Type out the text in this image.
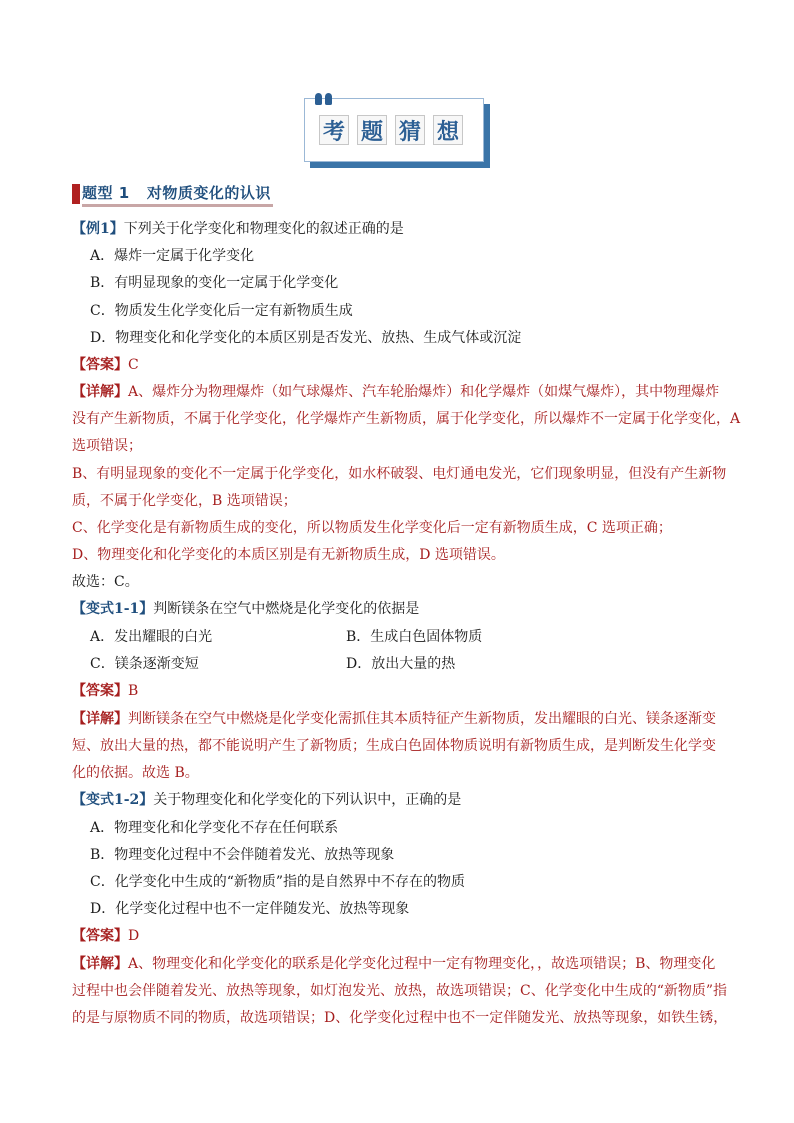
考 题 猜 想
题型 1 对物质变化的认识
【例1】下列关于化学变化和物理变化的叙述正确的是
A．爆炸一定属于化学变化
B．有明显现象的变化一定属于化学变化
C．物质发生化学变化后一定有新物质生成
D．物理变化和化学变化的本质区别是否发光、放热、生成气体或沉淀
【答案】C
【详解】A、爆炸分为物理爆炸（如气球爆炸、汽车轮胎爆炸）和化学爆炸（如煤气爆炸），其中物理爆炸
没有产生新物质，不属于化学变化，化学爆炸产生新物质，属于化学变化，所以爆炸不一定属于化学变化，A
选项错误；
B、有明显现象的变化不一定属于化学变化，如水杯破裂、电灯通电发光，它们现象明显，但没有产生新物
质，不属于化学变化，B 选项错误；
C、化学变化是有新物质生成的变化，所以物质发生化学变化后一定有新物质生成，C 选项正确；
D、物理变化和化学变化的本质区别是有无新物质生成，D 选项错误。
故选：C。
【变式1-1】判断镁条在空气中燃烧是化学变化的依据是
A．发出耀眼的白光	B．生成白色固体物质
C．镁条逐渐变短	D．放出大量的热
【答案】B
【详解】判断镁条在空气中燃烧是化学变化需抓住其本质特征产生新物质，发出耀眼的白光、镁条逐渐变
短、放出大量的热，都不能说明产生了新物质；生成白色固体物质说明有新物质生成，是判断发生化学变
化的依据。故选 B。
【变式1-2】关于物理变化和化学变化的下列认识中，正确的是
A．物理变化和化学变化不存在任何联系
B．物理变化过程中不会伴随着发光、放热等现象
C．化学变化中生成的“新物质”指的是自然界中不存在的物质
D．化学变化过程中也不一定伴随发光、放热等现象
【答案】D
【详解】A、物理变化和化学变化的联系是化学变化过程中一定有物理变化，，故选项错误；B、物理变化
过程中也会伴随着发光、放热等现象，如灯泡发光、放热，故选项错误；C、化学变化中生成的“新物质”指
的是与原物质不同的物质，故选项错误；D、化学变化过程中也不一定伴随发光、放热等现象，如铁生锈，
